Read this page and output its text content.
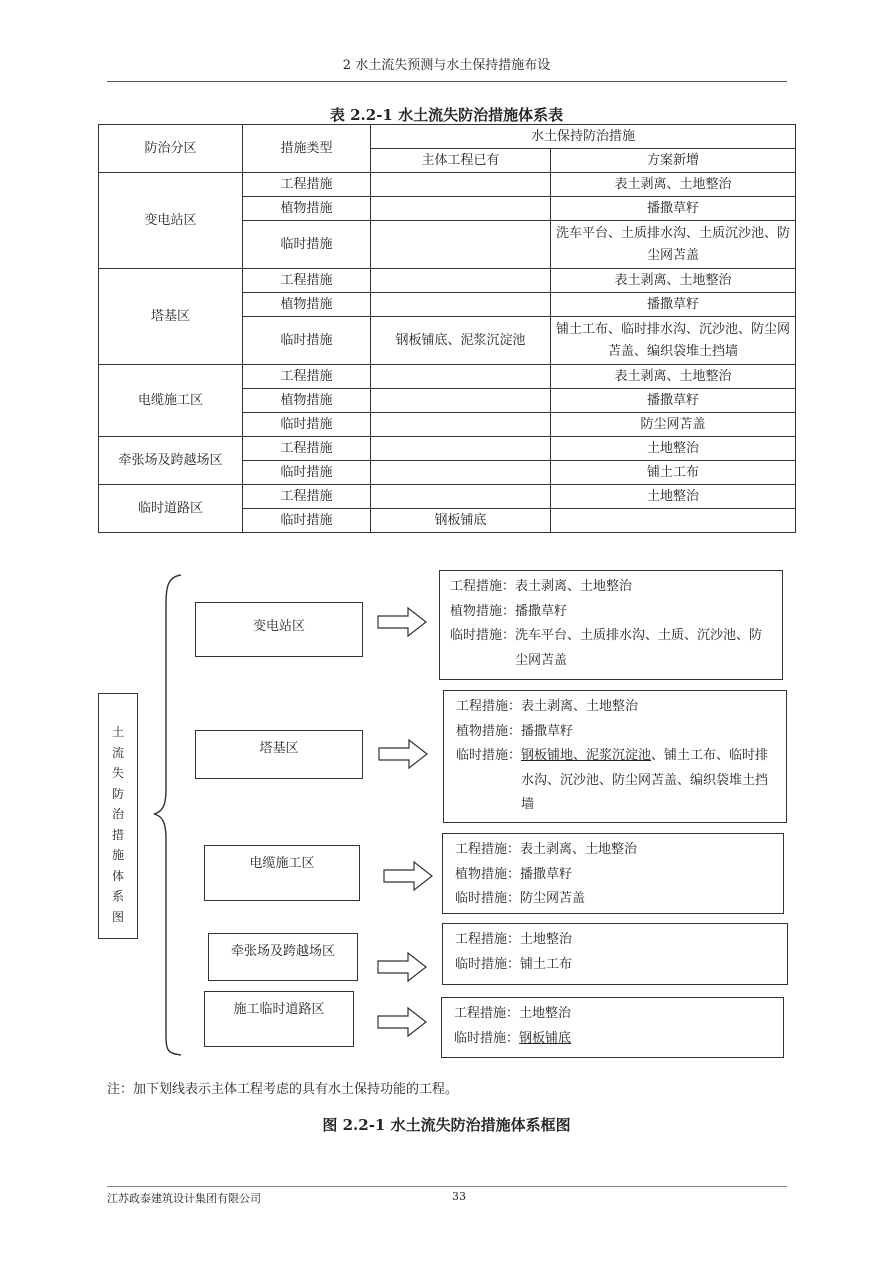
2 水土流失预测与水土保持措施布设
表 2.2-1 水土流失防治措施体系表
防治分区	措施类型	水土保持防治措施	
		主体工程已有	方案新增
变电站区	工程措施		表土剥离、土地整治
	植物措施		播撒草籽
	临时措施		洗车平台、土质排水沟、土质沉沙池、防尘网苫盖
塔基区	工程措施		表土剥离、土地整治
	植物措施		播撒草籽
	临时措施	钢板铺底、泥浆沉淀池	铺土工布、临时排水沟、沉沙池、防尘网苫盖、编织袋堆土挡墙
电缆施工区	工程措施		表土剥离、土地整治
	植物措施		播撒草籽
	临时措施		防尘网苫盖
牵张场及跨越场区	工程措施		土地整治
	临时措施		铺土工布
临时道路区	工程措施		土地整治
	临时措施	钢板铺底	
土流失防治措施体系图
变电站区
塔基区
电缆施工区
牵张场及跨越场区
施工临时道路区
工程措施： 表土剥离、土地整治
植物措施： 播撒草籽
临时措施： 洗车平台、土质排水沟、土质、沉沙池、防尘网苫盖
工程措施： 表土剥离、土地整治
植物措施： 播撒草籽
临时措施： 钢板铺地、泥浆沉淀池、铺土工布、临时排水沟、沉沙池、防尘网苫盖、编织袋堆土挡墙
工程措施： 表土剥离、土地整治
植物措施： 播撒草籽
临时措施： 防尘网苫盖
工程措施： 土地整治
临时措施： 铺土工布
工程措施： 土地整治
临时措施： 钢板铺底
注：加下划线表示主体工程考虑的具有水土保持功能的工程。
图 2.2-1 水土流失防治措施体系框图
江苏政泰建筑设计集团有限公司	33
